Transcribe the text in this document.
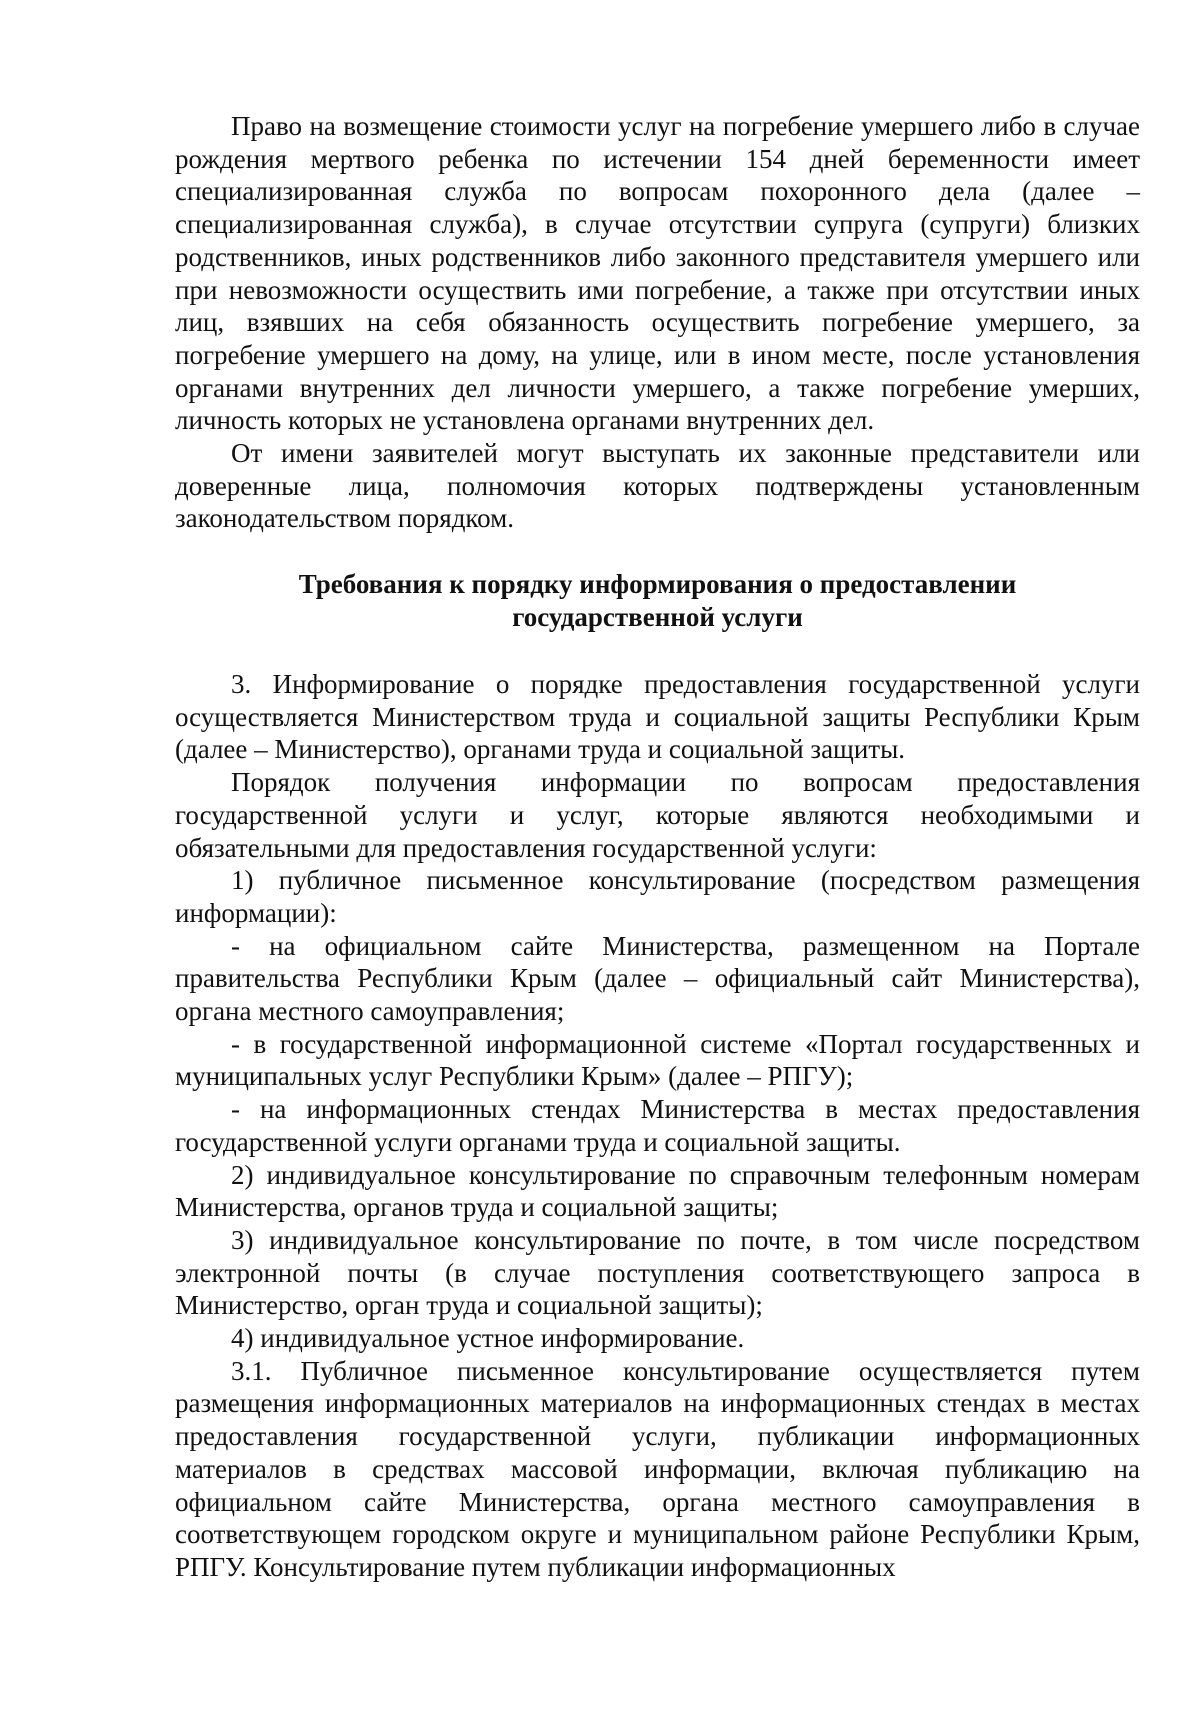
Право на возмещение стоимости услуг на погребение умершего либо в случае рождения мертвого ребенка по истечении 154 дней беременности имеет специализированная служба по вопросам похоронного дела (далее – специализированная служба), в случае отсутствии супруга (супруги) близких родственников, иных родственников либо законного представителя умершего или при невозможности осуществить ими погребение, а также при отсутствии иных лиц, взявших на себя обязанность осуществить погребение умершего, за погребение умершего на дому, на улице, или в ином месте, после установления органами внутренних дел личности умершего, а также погребение умерших, личность которых не установлена органами внутренних дел.

От имени заявителей могут выступать их законные представители или доверенные лица, полномочия которых подтверждены установленным законодательством порядком.

Требования к порядку информирования о предоставлении
государственной услуги

3. Информирование о порядке предоставления государственной услуги осуществляется Министерством труда и социальной защиты Республики Крым (далее – Министерство), органами труда и социальной защиты.

Порядок получения информации по вопросам предоставления государственной услуги и услуг, которые являются необходимыми и обязательными для предоставления государственной услуги:

1) публичное письменное консультирование (посредством размещения информации):

- на официальном сайте Министерства, размещенном на Портале правительства Республики Крым (далее – официальный сайт Министерства), органа местного самоуправления;

- в государственной информационной системе «Портал государственных и муниципальных услуг Республики Крым» (далее – РПГУ);

- на информационных стендах Министерства в местах предоставления государственной услуги органами труда и социальной защиты.

2) индивидуальное консультирование по справочным телефонным номерам Министерства, органов труда и социальной защиты;

3) индивидуальное консультирование по почте, в том числе посредством электронной почты (в случае поступления соответствующего запроса в Министерство, орган труда и социальной защиты);

4) индивидуальное устное информирование.

3.1. Публичное письменное консультирование осуществляется путем размещения информационных материалов на информационных стендах в местах предоставления государственной услуги, публикации информационных материалов в средствах массовой информации, включая публикацию на официальном сайте Министерства, органа местного самоуправления в соответствующем городском округе и муниципальном районе Республики Крым, РПГУ. Консультирование путем публикации информационных
